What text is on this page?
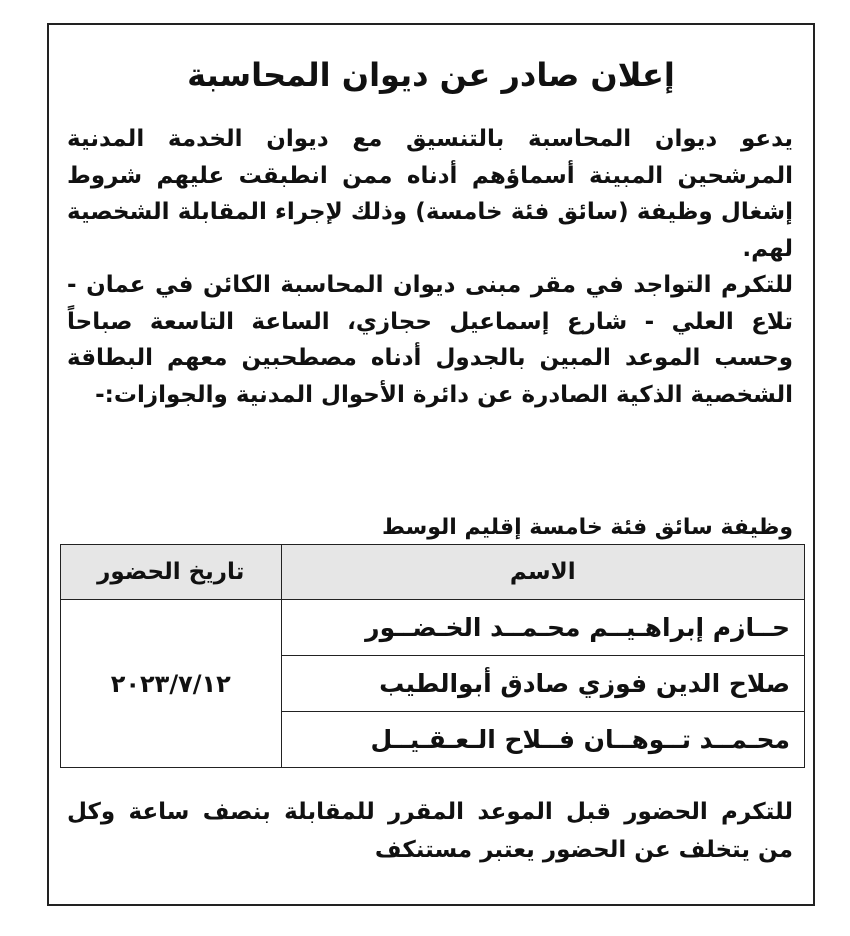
إعلان صادر عن ديوان المحاسبة

يدعو ديوان المحاسبة بالتنسيق مع ديوان الخدمة المدنية المرشحين المبينة أسماؤهم أدناه ممن انطبقت عليهم شروط إشغال وظيفة (سائق فئة خامسة) وذلك لإجراء المقابلة الشخصية لهم.

للتكرم التواجد في مقر مبنى ديوان المحاسبة الكائن في عمان - تلاع العلي - شارع إسماعيل حجازي، الساعة التاسعة صباحاً وحسب الموعد المبين بالجدول أدناه مصطحبين معهم البطاقة الشخصية الذكية الصادرة عن دائرة الأحوال المدنية والجوازات:-

وظيفة سائق فئة خامسة إقليم الوسط
الاسم	تاريخ الحضور
حــازم إبراهـيــم محـمــد الخـضــور	٢٠٢٣/٧/١٢
صلاح الدين فوزي صادق أبوالطيب	
محـمــد تــوهــان فــلاح الـعـقـيــل	
للتكرم الحضور قبل الموعد المقرر للمقابلة بنصف ساعة وكل من يتخلف عن الحضور يعتبر مستنكف
